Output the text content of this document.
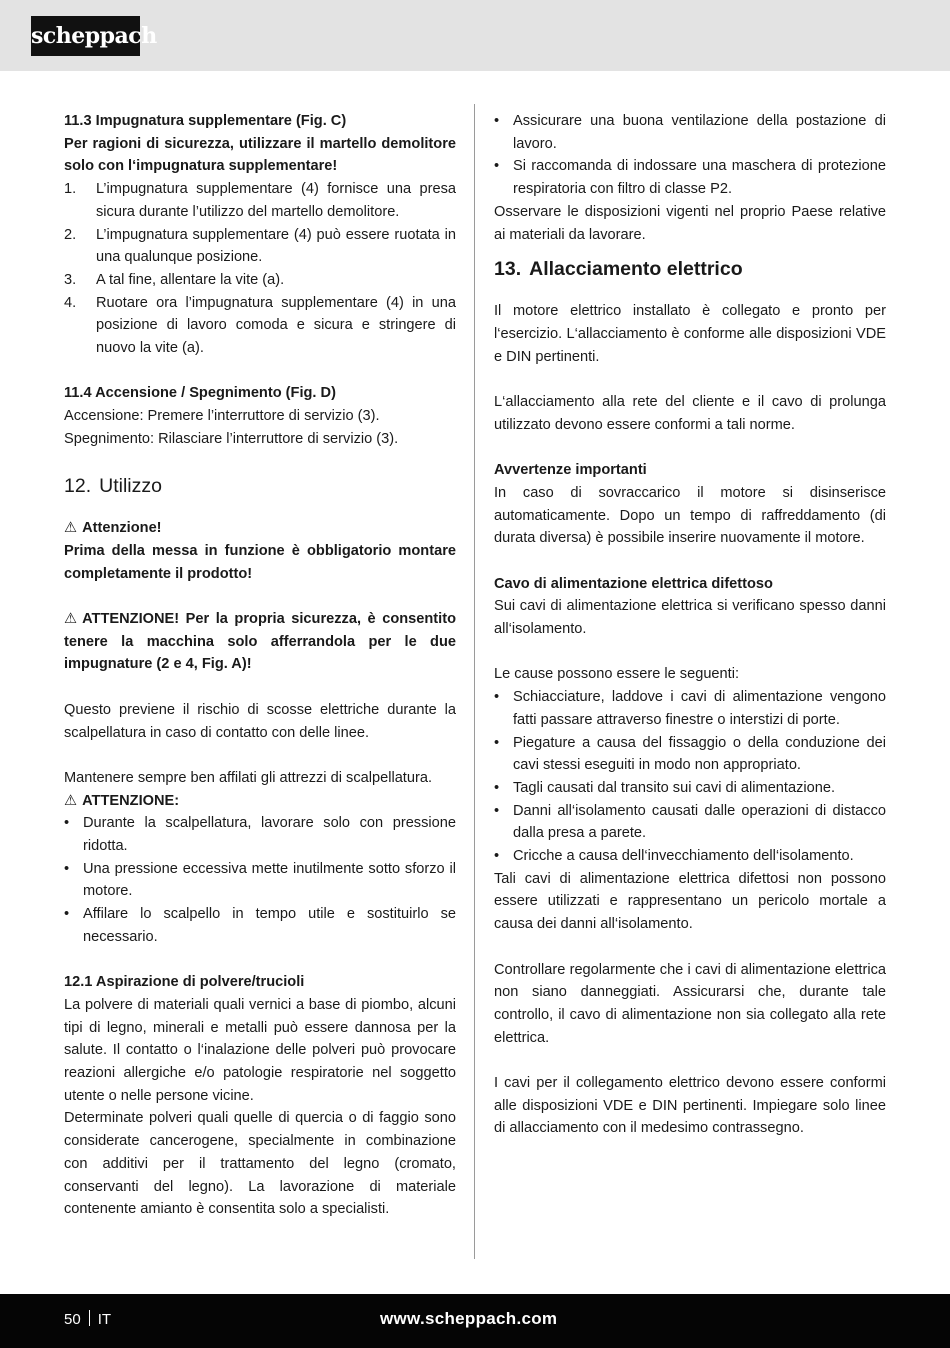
scheppach

11.3 Impugnatura supplementare (Fig. C)

Per ragioni di sicurezza, utilizzare il martello demolitore solo con l‘impugnatura supplementare!

1. L’impugnatura supplementare (4) fornisce una presa sicura durante l’utilizzo del martello demolitore.
2. L’impugnatura supplementare (4) può essere ruotata in una qualunque posizione.
3. A tal fine, allentare la vite (a).
4. Ruotare ora l’impugnatura supplementare (4) in una posizione di lavoro comoda e sicura e stringere di nuovo la vite (a).

11.4 Accensione / Spegnimento (Fig. D)

Accensione: Premere l’interruttore di servizio (3).

Spegnimento: Rilasciare l’interruttore di servizio (3).

12. Utilizzo

⚠ Attenzione!

Prima della messa in funzione è obbligatorio montare completamente il prodotto!

⚠ ATTENZIONE! Per la propria sicurezza, è consentito tenere la macchina solo afferrandola per le due impugnature (2 e 4, Fig. A)!

Questo previene il rischio di scosse elettriche durante la scalpellatura in caso di contatto con delle linee.

Mantenere sempre ben affilati gli attrezzi di scalpellatura.

⚠ ATTENZIONE:

• Durante la scalpellatura, lavorare solo con pressione ridotta.
• Una pressione eccessiva mette inutilmente sotto sforzo il motore.
• Affilare lo scalpello in tempo utile e sostituirlo se necessario.

12.1 Aspirazione di polvere/trucioli

La polvere di materiali quali vernici a base di piombo, alcuni tipi di legno, minerali e metalli può essere dannosa per la salute. Il contatto o l‘inalazione delle polveri può provocare reazioni allergiche e/o patologie respiratorie nel soggetto utente o nelle persone vicine.

Determinate polveri quali quelle di quercia o di faggio sono considerate cancerogene, specialmente in combinazione con additivi per il trattamento del legno (cromato, conservanti del legno). La lavorazione di materiale contenente amianto è consentita solo a specialisti.

• Assicurare una buona ventilazione della postazione di lavoro.
• Si raccomanda di indossare una maschera di protezione respiratoria con filtro di classe P2.

Osservare le disposizioni vigenti nel proprio Paese relative ai materiali da lavorare.

13. Allacciamento elettrico

Il motore elettrico installato è collegato e pronto per l‘esercizio. L‘allacciamento è conforme alle disposizioni VDE e DIN pertinenti.

L‘allacciamento alla rete del cliente e il cavo di prolunga utilizzato devono essere conformi a tali norme.

Avvertenze importanti

In caso di sovraccarico il motore si disinserisce automaticamente. Dopo un tempo di raffreddamento (di durata diversa) è possibile inserire nuovamente il motore.

Cavo di alimentazione elettrica difettoso

Sui cavi di alimentazione elettrica si verificano spesso danni all‘isolamento.

Le cause possono essere le seguenti:

• Schiacciature, laddove i cavi di alimentazione vengono fatti passare attraverso finestre o interstizi di porte.
• Piegature a causa del fissaggio o della conduzione dei cavi stessi eseguiti in modo non appropriato.
• Tagli causati dal transito sui cavi di alimentazione.
• Danni all‘isolamento causati dalle operazioni di distacco dalla presa a parete.
• Cricche a causa dell‘invecchiamento dell‘isolamento.

Tali cavi di alimentazione elettrica difettosi non possono essere utilizzati e rappresentano un pericolo mortale a causa dei danni all‘isolamento.

Controllare regolarmente che i cavi di alimentazione elettrica non siano danneggiati. Assicurarsi che, durante tale controllo, il cavo di alimentazione non sia collegato alla rete elettrica.

I cavi per il collegamento elettrico devono essere conformi alle disposizioni VDE e DIN pertinenti. Impiegare solo linee di allacciamento con il medesimo contrassegno.

50 IT	www.scheppach.com
